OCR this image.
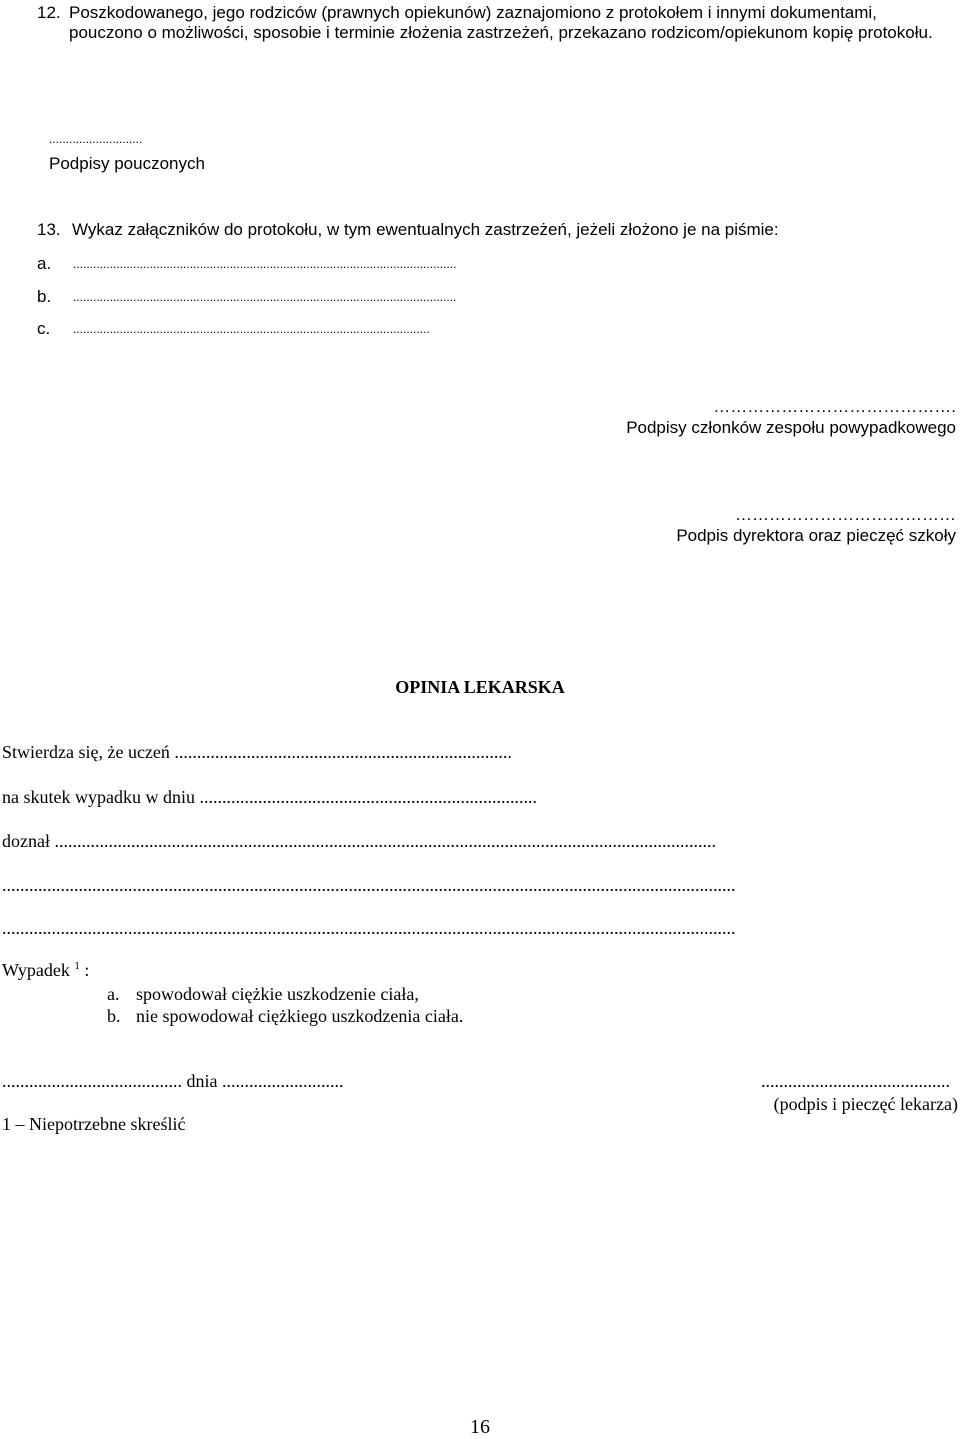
12. Poszkodowanego, jego rodziców (prawnych opiekunów) zaznajomiono z protokołem i innymi dokumentami,
pouczono o możliwości, sposobie i terminie złożenia zastrzeżeń, przekazano rodzicom/opiekunom kopię protokołu.
............................
Podpisy pouczonych
13. Wykaz załączników do protokołu, w tym ewentualnych zastrzeżeń, jeżeli złożono je na piśmie:
a. ...................................................................................................................
b. ...................................................................................................................
c. ...........................................................................................................
…………………………………….
Podpisy członków zespołu powypadkowego
…………………………………
Podpis dyrektora oraz pieczęć szkoły
OPINIA LEKARSKA
Stwierdza się, że uczeń ...........................................................................
na skutek wypadku w dniu ...........................................................................
doznał ...................................................................................................................................................
...................................................................................................................................................................
...................................................................................................................................................................
Wypadek $^1$ :
a. spowodował ciężkie uszkodzenie ciała,
b. nie spowodował ciężkiego uszkodzenia ciała.
........................................ dnia ...........................	..........................................
(podpis i pieczęć lekarza)
1 – Niepotrzebne skreślić
16
